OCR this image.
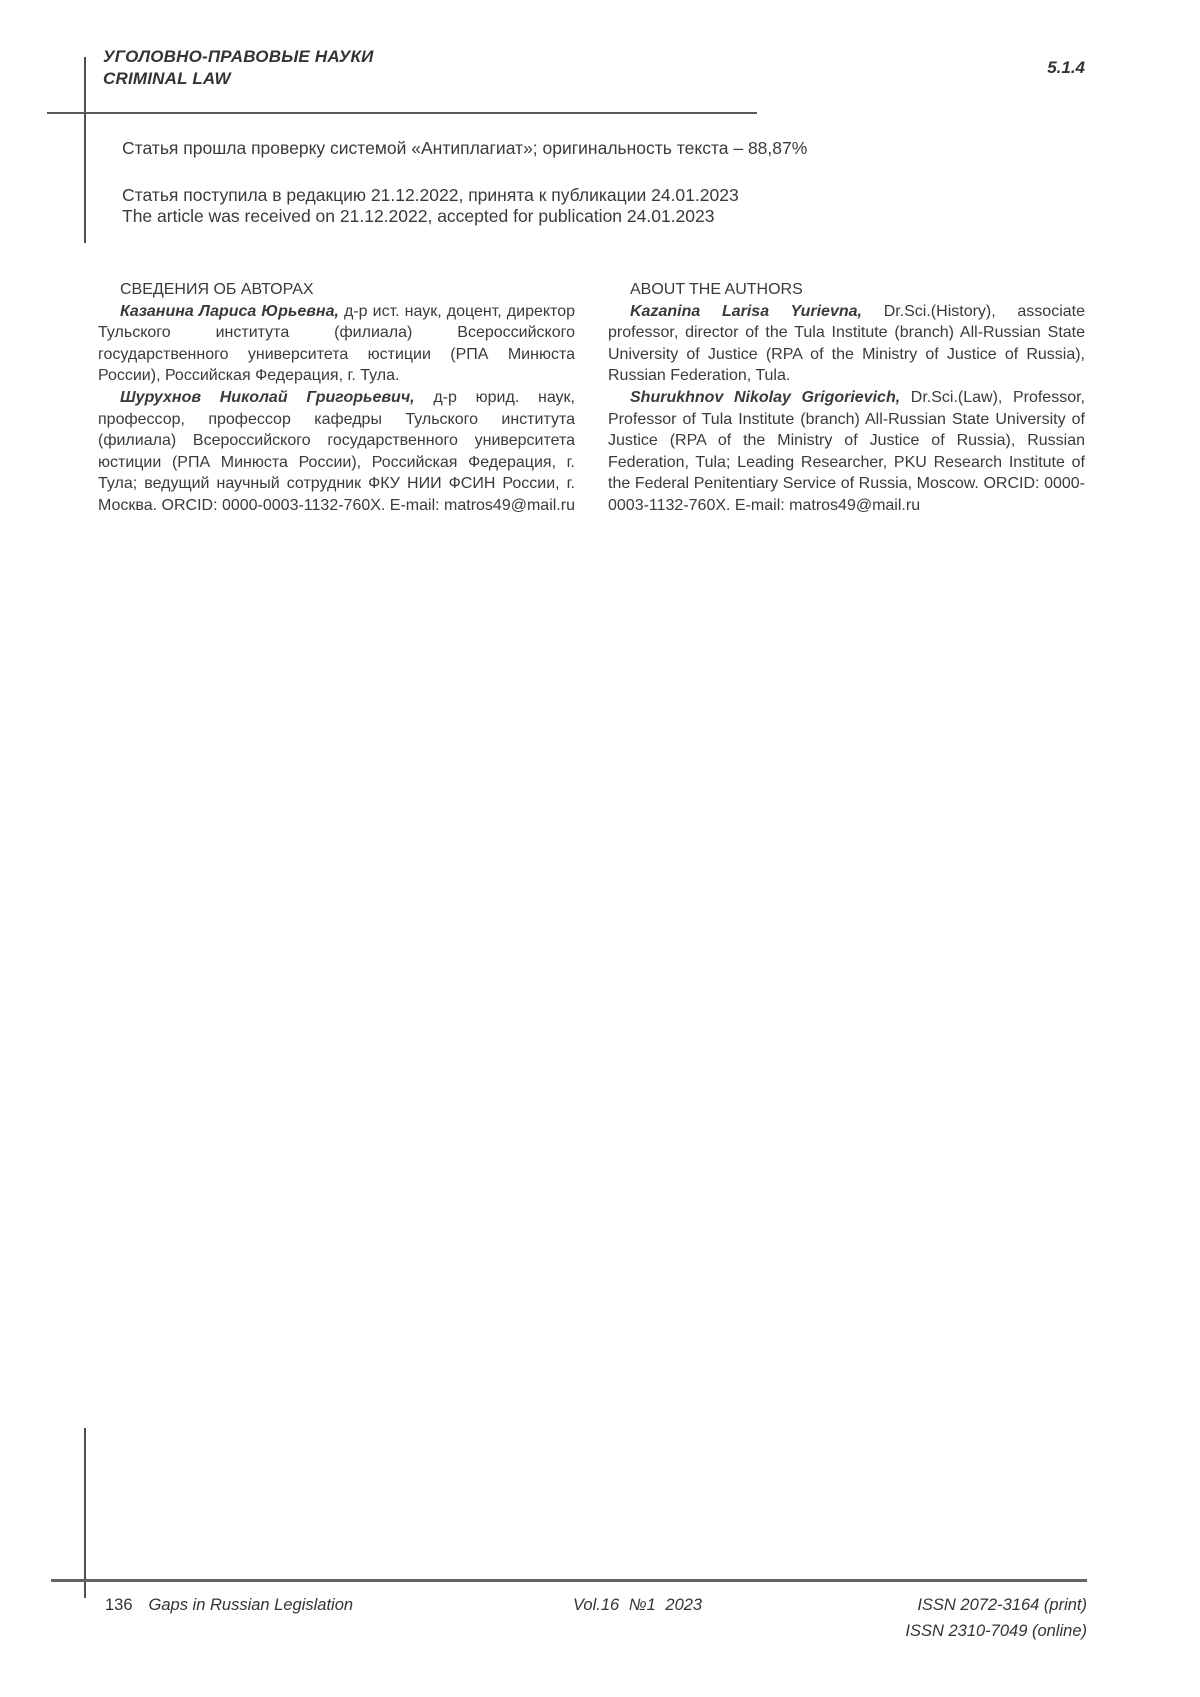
УГОЛОВНО-ПРАВОВЫЕ НАУКИ
CRIMINAL LAW
5.1.4
Статья прошла проверку системой «Антиплагиат»; оригинальность текста – 88,87%
Статья поступила в редакцию 21.12.2022, принята к публикации 24.01.2023
The article was received on 21.12.2022, accepted for publication 24.01.2023
СВЕДЕНИЯ ОБ АВТОРАХ

Казанина Лариса Юрьевна, д-р ист. наук, доцент, директор Тульского института (филиала) Всероссийского государственного университета юстиции (РПА Минюста России), Российская Федерация, г. Тула.

Шурухнов Николай Григорьевич, д-р юрид. наук, профессор, профессор кафедры Тульского института (филиала) Всероссийского государственного университета юстиции (РПА Минюста России), Российская Федерация, г. Тула; ведущий научный сотрудник ФКУ НИИ ФСИН России, г. Москва. ORCID: 0000-0003-1132-760X. E-mail: matros49@mail.ru

ABOUT THE AUTHORS

Kazanina Larisa Yurievna, Dr.Sci.(History), associate professor, director of the Tula Institute (branch) All-Russian State University of Justice (RPA of the Ministry of Justice of Russia), Russian Federation, Tula.

Shurukhnov Nikolay Grigorievich, Dr.Sci.(Law), Professor, Professor of Tula Institute (branch) All-Russian State University of Justice (RPA of the Ministry of Justice of Russia), Russian Federation, Tula; Leading Researcher, PKU Research Institute of the Federal Penitentiary Service of Russia, Moscow. ORCID: 0000-0003-1132-760X. E-mail: matros49@mail.ru

136 Gaps in Russian Legislation	Vol.16 №1 2023	ISSN 2072-3164 (print)
ISSN 2310-7049 (online)
